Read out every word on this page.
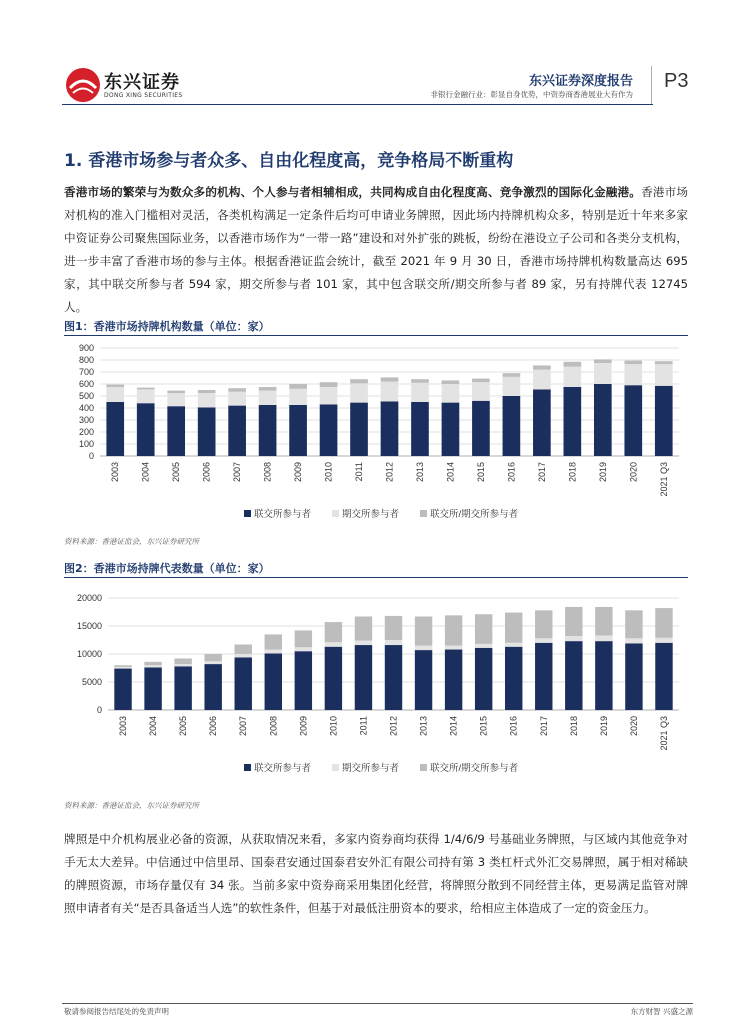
东兴证券
DONG XING SECURITIES
东兴证券深度报告
非银行金融行业：彰显自身优势，中资券商香港展业大有作为
P3
1. 香港市场参与者众多、自由化程度高，竞争格局不断重构
香港市场的繁荣与为数众多的机构、个人参与者相辅相成，共同构成自由化程度高、竞争激烈的国际化金融港。香港市场对机构的准入门槛相对灵活，各类机构满足一定条件后均可申请业务牌照，因此场内持牌机构众多，特别是近十年来多家中资证券公司聚焦国际业务，以香港市场作为“一带一路”建设和对外扩张的跳板，纷纷在港设立子公司和各类分支机构，进一步丰富了香港市场的参与主体。根据香港证监会统计，截至 2021 年 9 月 30 日，香港市场持牌机构数量高达 695 家，其中联交所参与者 594 家，期交所参与者 101 家，其中包含联交所/期交所参与者 89 家，另有持牌代表 12745 人。
图1：香港市场持牌机构数量（单位：家）
0
100
200
300
400
500
600
700
800
900
2003 2004 2005 2006 2007 2008 2009 2010 2011 2012 2013 2014 2015 2016 2017 2018 2019 2020 2021 Q3
联交所参与者	期交所参与者	联交所/期交所参与者
资料来源：香港证监会，东兴证券研究所
图2：香港市场持牌代表数量（单位：家）
0
5000
10000
15000
20000
2003 2004 2005 2006 2007 2008 2009 2010 2011 2012 2013 2014 2015 2016 2017 2018 2019 2020 2021 Q3
联交所参与者	期交所参与者	联交所/期交所参与者
资料来源：香港证监会，东兴证券研究所
牌照是中介机构展业必备的资源，从获取情况来看，多家内资券商均获得 1/4/6/9 号基础业务牌照，与区域内其他竞争对手无太大差异。中信通过中信里昂、国泰君安通过国泰君安外汇有限公司持有第 3 类杠杆式外汇交易牌照，属于相对稀缺的牌照资源，市场存量仅有 34 张。当前多家中资券商采用集团化经营，将牌照分散到不同经营主体，更易满足监管对牌照申请者有关“是否具备适当人选”的软性条件，但基于对最低注册资本的要求，给相应主体造成了一定的资金压力。
敬请参阅报告结尾处的免责声明	东方财智 兴盛之源
